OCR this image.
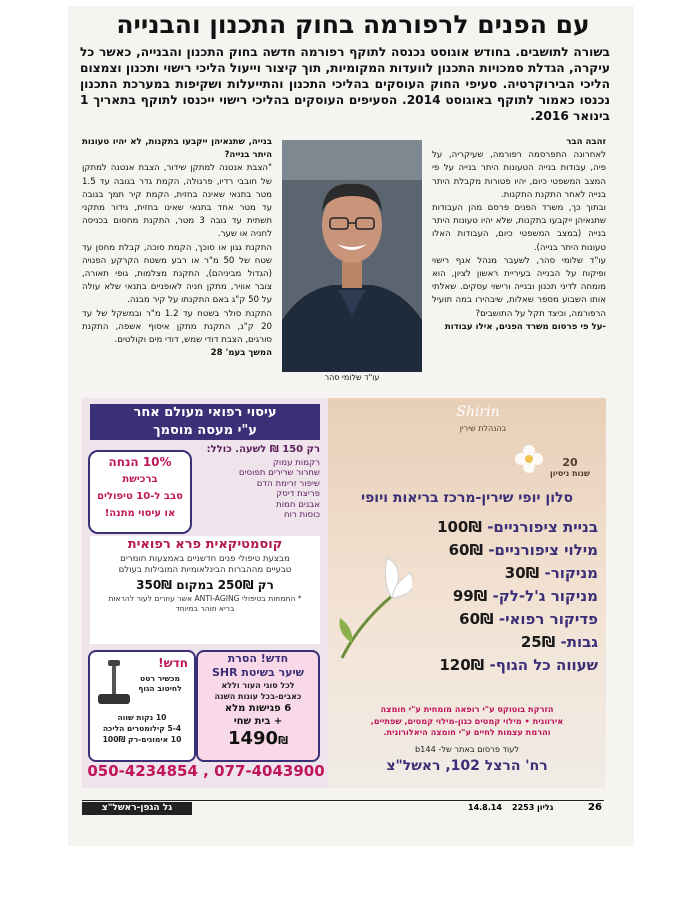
עם הפנים לרפורמה בחוק התכנון והבנייה
בשורה לתושבים. בחודש אוגוסט נכנסה לתוקף רפורמה חדשה בחוק התכנון והבנייה, כאשר כל עיקרה, הגדלת סמכויות התכנון לוועדות המקומיות, תוך קיצור וייעול הליכי רישוי ותכנון וצמצום הליכי הבירוקרטיה. סעיפי החוק העוסקים בהליכי התכנון והתייעלות ושקיפות במערכת התכנון נכנסו כאמור לתוקף באוגוסט 2014. הסעיפים העוסקים בהליכי רישוי ייכנסו לתוקף בתאריך 1 בינואר 2016.
זהבה הבר
לאחרונה התפרסמה רפורמה, שעיקריה, על פיה, עבודות בנייה הטעונות היתר בנייה על פי המצב המשפטי כיום, יהיו פטורות מקבלת היתר בנייה לאחר התקנת התקנות.
ובתוך כך, משרד הפנים פרסם מהן העבודות שתנאיהן ייקבעו בתקנות, שלא יהיו טעונות היתר בנייה (במצב המשפטי כיום, העבודות האלו טעונות היתר בנייה).
עו"ד שלומי סהר, לשעבר מנהל אגף רישוי ופיקוח על הבנייה בעיריית ראשון לציון, הוא מומחה לדיני תכנון ובנייה ורישוי עסקים. שאלתי אותו השבוע מספר שאלות, שיבהירו במה תועיל הרפורמה, וכיצד תקל על התושבים?
-על פי פרסום משרד הפנים, אילו עבודות
עו"ד שלומי סהר
בנייה, שתנאיהן ייקבעו בתקנות, לא יהיו טעונות היתר בנייה?
"הצבת אנטנה למתקן שידור, הצבת אנטנה למתקן של חובבי רדיו, פרגולה, הקמת גדר בגובה עד 1.5 מטר בתנאי שאינה בחזית, הקמת קיר תמך בגובה עד מטר אחד בתנאי שאינו בחזית, גידור מתקני תשתית עד גובה 3 מטר, התקנת מחסום בכניסה לחניה או שער.
התקנת גגון או סוכך, הקמת סוכה, קבלת מחסן עד שטח של 50 מ"ר או רבע משטח הקרקע הפנויה (הגדול מביניהם), התקנת מצלמות, גופי תאורה, צובר אוויר, מתקן חניה לאופניים בתנאי שלא עולה על 50 ק"ג באם התקנתו על קיר מבנה.
התקנת סולר בשטח עד 1.2 מ"ר ובמשקל של עד 20 ק"ג, התקנת מתקן איסוף אשפה, התקנת סורגים, הצבת דודי שמש, דודי מים וקולטים.
המשך בעמ' 28
עיסוי רפואי מעולם אחר
ע"י מעסה מוסמך
רק 150 ₪ לשעה. כולל:
רקמות עמוק
שחרור שרירים תפוסים
שיפור זרימת הדם
פריצת דיסק
אבנים חמות
כוסות רוח
10% הנחה
ברכישת
סבב ל-10 טיפולים
או עיסוי מתנה!
קוסמטיקאית פרא רפואית
מבצעת טיפולי פנים חדשניים באמצעות חומרים
טבעיים מההברות הבינלאומיות המובילות בעולם
רק 250₪ במקום 350₪
* התמחות בטיפולי ANTI-AGING אשר עוזרים לעור להראות
בריא וזוהר במיוחד
חדש! הסרת
שיער בשיטת SHR
לכל סוגי העור וללא
כאבים-בכל עונות השנה
6 פגישות מלא
+ בית שחי
1490₪
חדש!
מכשיר רטט
לחיטוב הגוף
10 נקות שווה
5-4 קילומטרים הליכה
10 אימונים-רק 100₪
050-4234854 , 077-4043900
Shirin
בהנהלת שירין
20
שנות ניסיון
סלון יופי שירין-מרכז בריאות ויופי
בניית ציפורניים- 100₪
מילוי ציפורניים- 60₪
מניקור- 30₪
מניקור ג'ל-לק- 99₪
פדיקור רפואי- 60₪
גבות- 25₪
שעווה כל הגוף- 120₪
הזרקת בוטוקס ע"י רופאה מומחית ע"י חומצה
אירוונית • מילוי קמטים כגון-מילוי קמטים, שפתיים,
והרמת עצמות לחיים ע"י חומצה היאלורונית.
לעוד פרסום באתר של- b144
רח' הרצל 102, ראשל"צ
גל הגפן-ראשל"צ	14.8.14 גליון 2253	26
